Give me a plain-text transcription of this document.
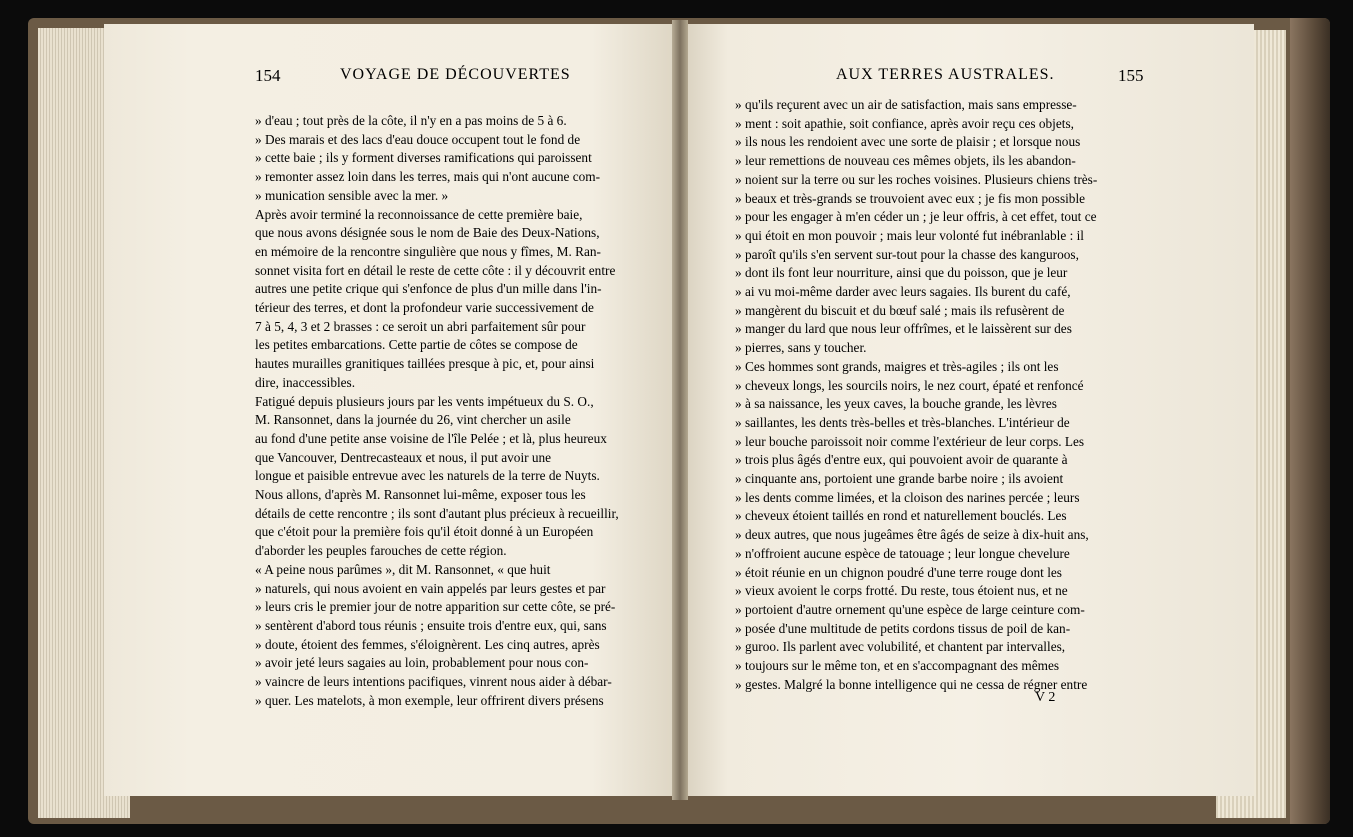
154	VOYAGE DE DÉCOUVERTES	155
AUX TERRES AUSTRALES.
» d'eau ; tout près de la côte, il n'y en a pas moins de 5 à 6.
» Des marais et des lacs d'eau douce occupent tout le fond de
» cette baie ; ils y forment diverses ramifications qui paroissent
» remonter assez loin dans les terres, mais qui n'ont aucune com-
» munication sensible avec la mer. »
Après avoir terminé la reconnoissance de cette première baie,
que nous avons désignée sous le nom de Baie des Deux-Nations,
en mémoire de la rencontre singulière que nous y fîmes, M. Ran-
sonnet visita fort en détail le reste de cette côte : il y découvrit entre
autres une petite crique qui s'enfonce de plus d'un mille dans l'in-
térieur des terres, et dont la profondeur varie successivement de
7 à 5, 4, 3 et 2 brasses : ce seroit un abri parfaitement sûr pour
les petites embarcations. Cette partie de côtes se compose de
hautes murailles granitiques taillées presque à pic, et, pour ainsi
dire, inaccessibles.
Fatigué depuis plusieurs jours par les vents impétueux du S. O.,
M. Ransonnet, dans la journée du 26, vint chercher un asile
au fond d'une petite anse voisine de l'île Pelée ; et là, plus heureux
que Vancouver, Dentrecasteaux et nous, il put avoir une
longue et paisible entrevue avec les naturels de la terre de Nuyts.
Nous allons, d'après M. Ransonnet lui-même, exposer tous les
détails de cette rencontre ; ils sont d'autant plus précieux à recueillir,
que c'étoit pour la première fois qu'il étoit donné à un Européen
d'aborder les peuples farouches de cette région.
« A peine nous parûmes », dit M. Ransonnet, « que huit
» naturels, qui nous avoient en vain appelés par leurs gestes et par
» leurs cris le premier jour de notre apparition sur cette côte, se pré-
» sentèrent d'abord tous réunis ; ensuite trois d'entre eux, qui, sans
» doute, étoient des femmes, s'éloignèrent. Les cinq autres, après
» avoir jeté leurs sagaies au loin, probablement pour nous con-
» vaincre de leurs intentions pacifiques, vinrent nous aider à débar-
» quer. Les matelots, à mon exemple, leur offrirent divers présens
» qu'ils reçurent avec un air de satisfaction, mais sans empresse-
» ment : soit apathie, soit confiance, après avoir reçu ces objets,
» ils nous les rendoient avec une sorte de plaisir ; et lorsque nous
» leur remettions de nouveau ces mêmes objets, ils les abandon-
» noient sur la terre ou sur les roches voisines. Plusieurs chiens très-
» beaux et très-grands se trouvoient avec eux ; je fis mon possible
» pour les engager à m'en céder un ; je leur offris, à cet effet, tout ce
» qui étoit en mon pouvoir ; mais leur volonté fut inébranlable : il
» paroît qu'ils s'en servent sur-tout pour la chasse des kanguroos,
» dont ils font leur nourriture, ainsi que du poisson, que je leur
» ai vu moi-même darder avec leurs sagaies. Ils burent du café,
» mangèrent du biscuit et du bœuf salé ; mais ils refusèrent de
» manger du lard que nous leur offrîmes, et le laissèrent sur des
» pierres, sans y toucher.
» Ces hommes sont grands, maigres et très-agiles ; ils ont les
» cheveux longs, les sourcils noirs, le nez court, épaté et renfoncé
» à sa naissance, les yeux caves, la bouche grande, les lèvres
» saillantes, les dents très-belles et très-blanches. L'intérieur de
» leur bouche paroissoit noir comme l'extérieur de leur corps. Les
» trois plus âgés d'entre eux, qui pouvoient avoir de quarante à
» cinquante ans, portoient une grande barbe noire ; ils avoient
» les dents comme limées, et la cloison des narines percée ; leurs
» cheveux étoient taillés en rond et naturellement bouclés. Les
» deux autres, que nous jugeâmes être âgés de seize à dix-huit ans,
» n'offroient aucune espèce de tatouage ; leur longue chevelure
» étoit réunie en un chignon poudré d'une terre rouge dont les
» vieux avoient le corps frotté. Du reste, tous étoient nus, et ne
» portoient d'autre ornement qu'une espèce de large ceinture com-
» posée d'une multitude de petits cordons tissus de poil de kan-
» guroo. Ils parlent avec volubilité, et chantent par intervalles,
» toujours sur le même ton, et en s'accompagnant des mêmes
» gestes. Malgré la bonne intelligence qui ne cessa de régner entre
V 2
